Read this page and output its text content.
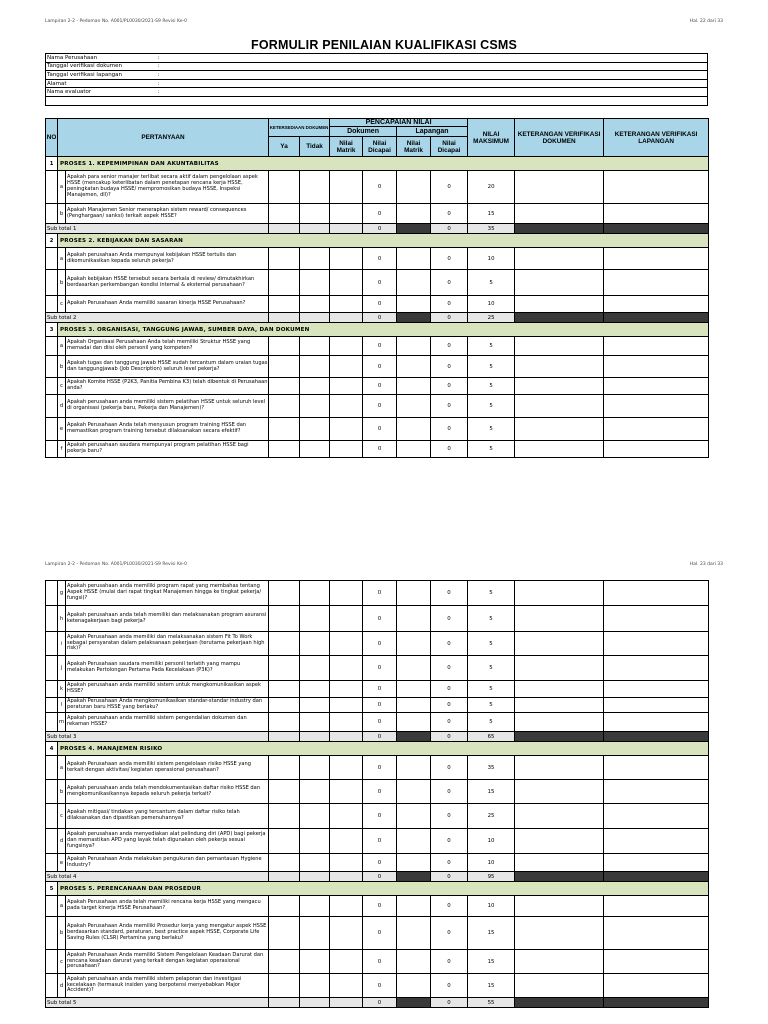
Lampiran 2-2 - Pedoman No. A001/PL0030/2021-S9 Revisi Ke-0	Hal. 22 dari 33
FORMULIR PENILAIAN KUALIFIKASI CSMS
Nama Perusahaan	:
Tanggal verifikasi dokumen	:
Tanggal verifikasi lapangan	:
Alamat	:
Nama evaluator	:

NO	PERTANYAAN		KETERSEDIAAN DOKUMEN		PENCAPAIAN NILAI				NILAI MAKSIMUM	KETERANGAN VERIFIKASI DOKUMEN	KETERANGAN VERIFIKASI LAPANGAN
					Dokumen		Lapangan				
			Ya	Tidak	Nilai Matrik	Nilai Dicapai	Nilai Matrik	Nilai Dicapai			
1	PROSES 1. KEPEMIMPINAN DAN AKUNTABILITAS										
	a	Apakah para senior manajer terlibat secara aktif dalam pengelolaan aspek HSSE (mencakup keterlibatan dalam penetapan rencana kerja HSSE, peningkatan budaya HSSE/ mempromosikan budaya HSSE, Inspeksi Manajemen, dll)?				0		0	20		
	b	Apakah Manajemen Senior menerapkan sistem reward/ consequences (Penghargaan/ sanksi) terkait aspek HSSE?				0		0	15		
Sub total 1						0		0	35		
2	PROSES 2. KEBIJAKAN DAN SASARAN										
	a	Apakah perusahaan Anda mempunyai kebijakan HSSE tertulis dan dikomunikasikan kepada seluruh pekerja?				0		0	10		
	b	Apakah kebijakan HSSE tersebut secara berkala di review/ dimutakhirkan berdasarkan perkembangan kondisi internal & eksternal perusahaan?				0		0	5		
	c	Apakah Perusahaan Anda memiliki sasaran kinerja HSSE Perusahaan?				0		0	10		
Sub total 2						0		0	25		
3	PROSES 3. ORGANISASI, TANGGUNG JAWAB, SUMBER DAYA, DAN DOKUMEN										
	a	Apakah Organisasi Perusahaan Anda telah memiliki Struktur HSSE yang memadai dan diisi oleh personil yang kompeten?				0		0	5		
	b	Apakah tugas dan tanggung jawab HSSE sudah tercantum dalam uraian tugas dan tanggungjawab (Job Description) seluruh level pekerja?				0		0	5		
	c	Apakah Komite HSSE (P2K3, Panitia Pembina K3) telah dibentuk di Perusahaan anda?				0		0	5		
	d	Apakah perusahaan anda memiliki sistem pelatihan HSSE untuk seluruh level di organisasi (pekerja baru, Pekerja dan Manajemen)?				0		0	5		
	e	Apakah Perusahaan Anda telah menyusun program training HSSE dan memastikan program training tersebut dilaksanakan secara efektif?				0		0	5		
	f	Apakah perusahaan saudara mempunyai program pelatihan HSSE bagi pekerja baru?				0		0	5		
Lampiran 2-2 - Pedoman No. A001/PL0030/2021-S9 Revisi Ke-0	Hal. 23 dari 33
	g	Apakah perusahaan anda memiliki program rapat yang membahas tentang Aspek HSSE (mulai dari rapat tingkat Manajemen hingga ke tingkat pekerja/ fungsi)?				0		0	5		
	h	Apakah perusahaan anda telah memiliki dan melaksanakan program asuransi ketenagakerjaan bagi pekerja?				0		0	5		
	i	Apakah Perusahaan anda memiliki dan melaksanakan sistem Fit To Work sebagai persyaratan dalam pelaksanaan pekerjaan (terutama pekerjaan high risk)?				0		0	5		
	j	Apakah Perusahaan saudara memiliki personil terlatih yang mampu melakukan Pertolongan Pertama Pada Kecelakaan (P3K)?				0		0	5		
	k	Apakah perusahaan anda memiliki sistem untuk mengkomunikasikan aspek HSSE?				0		0	5		
	l	Apakah Perusahaan Anda mengkomunikasikan standar-standar industry dan peraturan baru HSSE yang berlaku?				0		0	5		
	m	Apakah perusahaan anda memiliki sistem pengendalian dokumen dan rekaman HSSE?				0		0	5		
Sub total 3						0		0	65		
4	PROSES 4. MANAJEMEN RISIKO										
	a	Apakah Perusahaan anda memiliki sistem pengelolaan risiko HSSE yang terkait dengan aktivitas/ kegiatan operasional perusahaan?				0		0	35		
	b	Apakah perusahaan anda telah mendokumentasikan daftar risiko HSSE dan mengkomunikasikannya kepada seluruh pekerja terkait?				0		0	15		
	c	Apakah mitigasi/ tindakan yang tercantum dalam daftar risiko telah dilaksanakan dan dipastikan pemenuhannya?				0		0	25		
	d	Apakah perusahaan anda menyediakan alat pelindung diri (APD) bagi pekerja dan memastikan APD yang layak telah digunakan oleh pekerja sesuai fungsinya?				0		0	10		
	e	Apakah Perusahaan Anda melakukan pengukuran dan pemantauan Hygiene Industry?				0		0	10		
Sub total 4						0		0	95		
5	PROSES 5. PERENCANAAN DAN PROSEDUR										
	a	Apakah Perusahaan anda telah memiliki rencana kerja HSSE yang mengacu pada target kinerja HSSE Perusahaan?				0		0	10		
	b	Apakah Perusahaan Anda memiliki Prosedur kerja yang mengatur aspek HSSE berdasarkan standard, peraturan, best practice aspek HSSE, Corporate Life Saving Rules (CLSR) Pertamina yang berlaku?				0		0	15		
	c	Apakah Perusahaan Anda memiliki Sistem Pengelolaan Keadaan Darurat dan rencana keadaan darurat yang terkait dengan kegiatan operasional perusahaan?				0		0	15		
	d	Apakah perusahaan anda memiliki sistem pelaporan dan investigasi kecelakaan (termasuk insiden yang berpotensi menyebabkan Major Accident)?				0		0	15		
Sub total 5						0		0	55		
